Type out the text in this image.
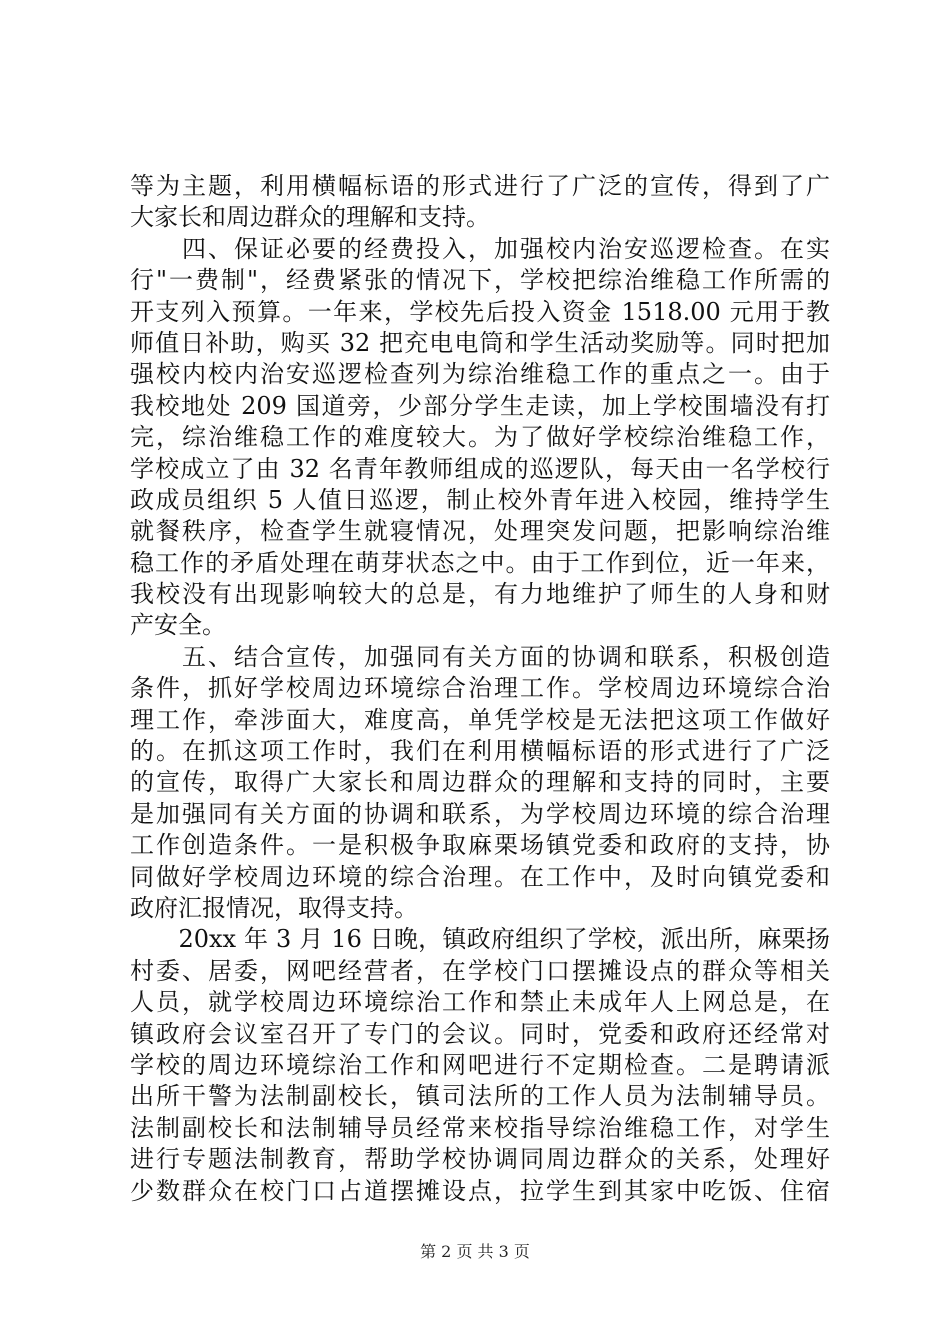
等为主题，利用横幅标语的形式进行了广泛的宣传，得到了广
大家长和周边群众的理解和支持。
　　四、保证必要的经费投入，加强校内治安巡逻检查。在实
行"一费制"，经费紧张的情况下，学校把综治维稳工作所需的
开支列入预算。一年来，学校先后投入资金 1518.00 元用于教
师值日补助，购买 32 把充电电筒和学生活动奖励等。同时把加
强校内校内治安巡逻检查列为综治维稳工作的重点之一。由于
我校地处 209 国道旁，少部分学生走读，加上学校围墙没有打
完，综治维稳工作的难度较大。为了做好学校综治维稳工作，
学校成立了由 32 名青年教师组成的巡逻队，每天由一名学校行
政成员组织 5 人值日巡逻，制止校外青年进入校园，维持学生
就餐秩序，检查学生就寝情况，处理突发问题，把影响综治维
稳工作的矛盾处理在萌芽状态之中。由于工作到位，近一年来，
我校没有出现影响较大的总是，有力地维护了师生的人身和财
产安全。
　　五、结合宣传，加强同有关方面的协调和联系，积极创造
条件，抓好学校周边环境综合治理工作。学校周边环境综合治
理工作，牵涉面大，难度高，单凭学校是无法把这项工作做好
的。在抓这项工作时，我们在利用横幅标语的形式进行了广泛
的宣传，取得广大家长和周边群众的理解和支持的同时，主要
是加强同有关方面的协调和联系，为学校周边环境的综合治理
工作创造条件。一是积极争取麻栗场镇党委和政府的支持，协
同做好学校周边环境的综合治理。在工作中，及时向镇党委和
政府汇报情况，取得支持。
　　20xx 年 3 月 16 日晚，镇政府组织了学校，派出所，麻栗扬
村委、居委，网吧经营者，在学校门口摆摊设点的群众等相关
人员，就学校周边环境综治工作和禁止未成年人上网总是，在
镇政府会议室召开了专门的会议。同时，党委和政府还经常对
学校的周边环境综治工作和网吧进行不定期检查。二是聘请派
出所干警为法制副校长，镇司法所的工作人员为法制辅导员。
法制副校长和法制辅导员经常来校指导综治维稳工作，对学生
进行专题法制教育，帮助学校协调同周边群众的关系，处理好
少数群众在校门口占道摆摊设点，拉学生到其家中吃饭、住宿
第 2 页 共 3 页
